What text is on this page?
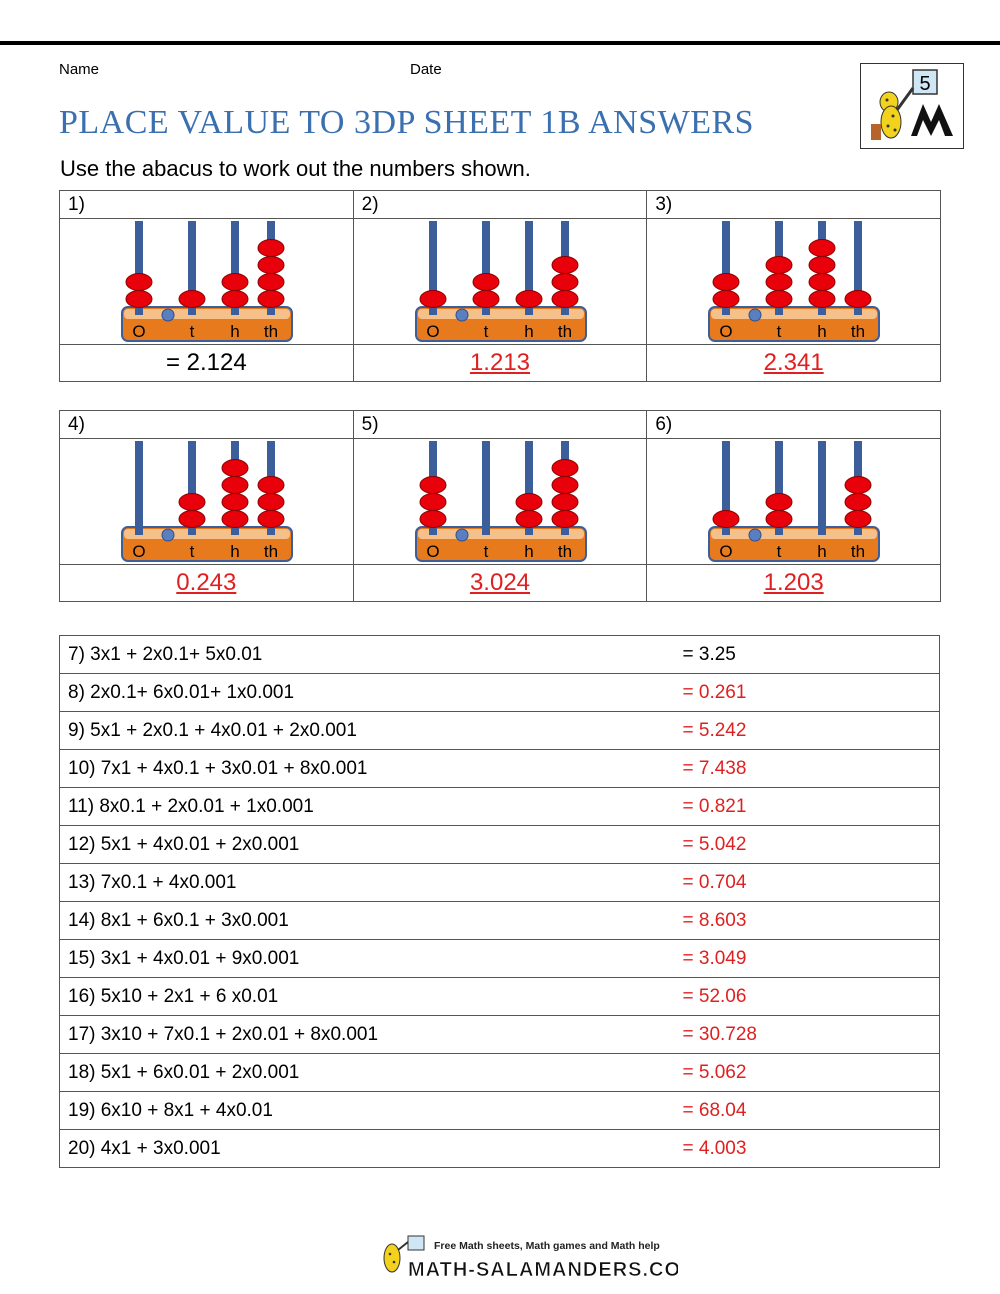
Name	Date
PLACE VALUE TO 3DP SHEET 1B ANSWERS
5
Use the abacus to work out the numbers shown.
1)	2)	3)

O t h th	O t h th	O t h th

= 2.124	1.213	2.341
4)	5)	6)

O t h th	O t h th	O t h th

0.243	3.024	1.203
7) 3x1 + 2x0.1+ 5x0.01	= 3.25
8) 2x0.1+ 6x0.01+ 1x0.001	= 0.261
9) 5x1 + 2x0.1 + 4x0.01 + 2x0.001	= 5.242
10) 7x1 + 4x0.1 + 3x0.01 + 8x0.001	= 7.438
11) 8x0.1 + 2x0.01 + 1x0.001	= 0.821
12) 5x1 + 4x0.01 + 2x0.001	= 5.042
13) 7x0.1 + 4x0.001	= 0.704
14) 8x1 + 6x0.1 + 3x0.001	= 8.603
15) 3x1 + 4x0.01 + 9x0.001	= 3.049
16) 5x10 + 2x1 + 6 x0.01	= 52.06
17) 3x10 + 7x0.1 + 2x0.01 + 8x0.001	= 30.728
18) 5x1 + 6x0.01 + 2x0.001	= 5.062
19) 6x10 + 8x1 + 4x0.01	= 68.04
20) 4x1 + 3x0.001	= 4.003
Free Math sheets, Math games and Math help
MATH-SALAMANDERS.COM
